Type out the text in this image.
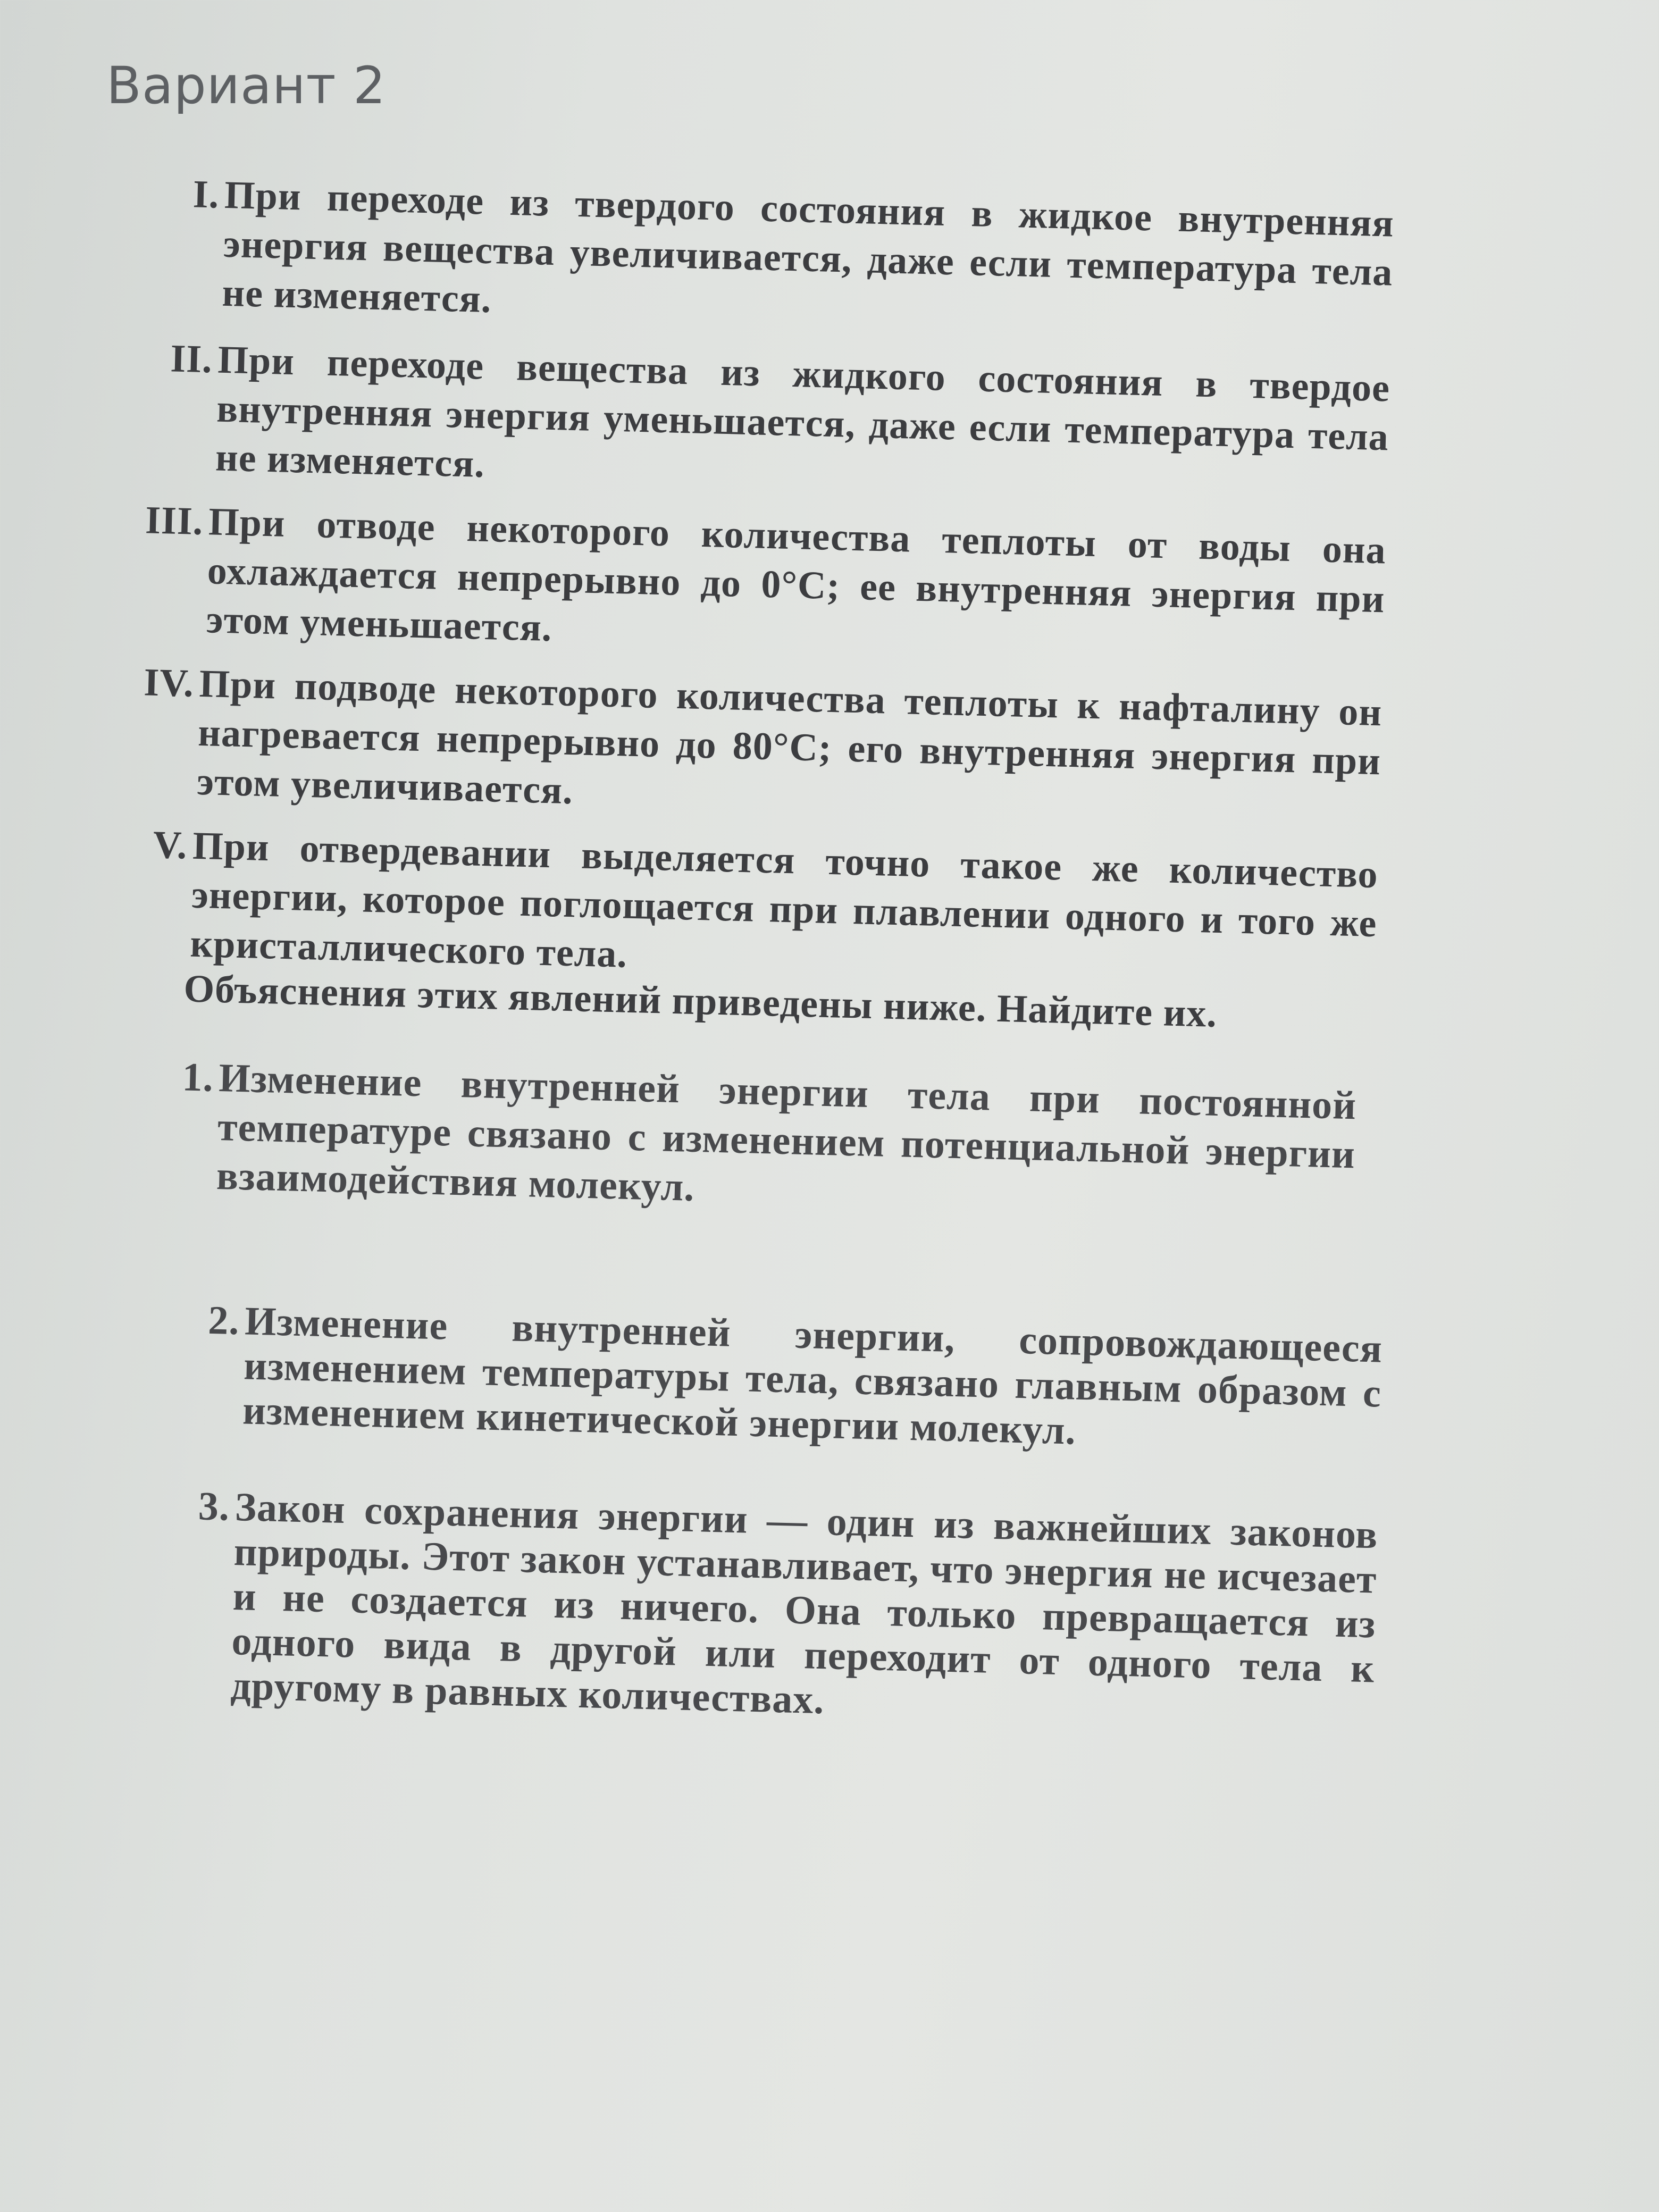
Вариант 2
I. При переходе из твердого состояния в жидкое внутренняя энергия вещества увеличивается, даже если температура тела не изменяется.
II. При переходе вещества из жидкого состояния в твердое внутренняя энергия уменьшается, даже если температура тела не изменяется.
III. При отводе некоторого количества теплоты от воды она охлаждается непрерывно до 0°С; ее внутренняя энергия при этом уменьшается.
IV. При подводе некоторого количества теплоты к нафталину он нагревается непрерывно до 80°С; его внутренняя энергия при этом увеличивается.
V. При отвердевании выделяется точно такое же количество энергии, которое поглощается при плавлении одного и того же кристаллического тела.
Объяснения этих явлений приведены ниже. Найдите их.
1. Изменение внутренней энергии тела при постоянной температуре связано с изменением потенциальной энергии взаимодействия молекул.
2. Изменение внутренней энергии, сопровождающееся изменением температуры тела, связано главным образом с изменением кинетической энергии молекул.
3. Закон сохранения энергии — один из важнейших законов природы. Этот закон устанавливает, что энергия не исчезает и не создается из ничего. Она только превращается из одного вида в другой или переходит от одного тела к другому в равных количествах.
